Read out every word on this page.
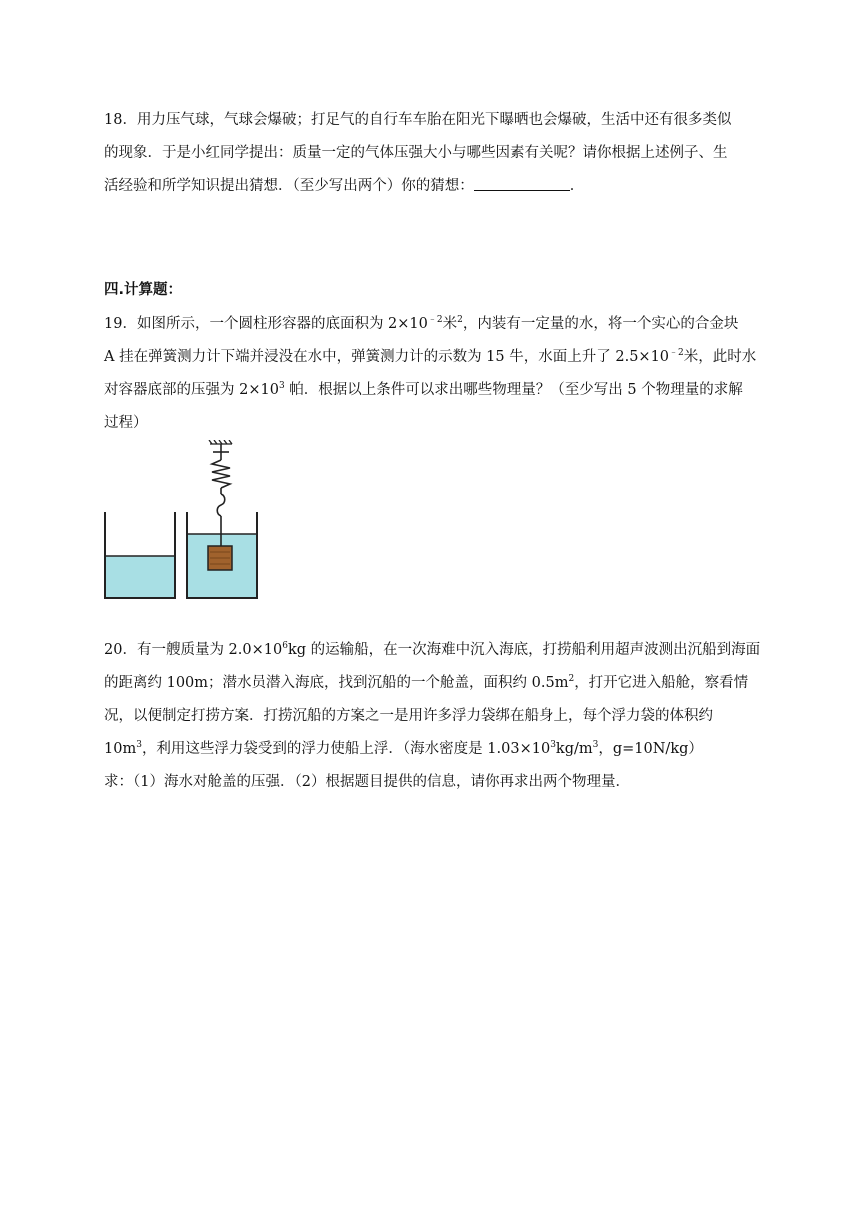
18．用力压气球，气球会爆破；打足气的自行车车胎在阳光下曝晒也会爆破，生活中还有很多类似
的现象．于是小红同学提出：质量一定的气体压强大小与哪些因素有关呢？请你根据上述例子、生
活经验和所学知识提出猜想．（至少写出两个）你的猜想：	．
四.计算题：
19．如图所示，一个圆柱形容器的底面积为 $2\times 10^{﹣2}$米$^2$，内装有一定量的水，将一个实心的合金块
A 挂在弹簧测力计下端并浸没在水中，弹簧测力计的示数为 15 牛，水面上升了 $2.5\times 10^{﹣2}$米，此时水
对容器底部的压强为 $2\times 10^3$ 帕．根据以上条件可以求出哪些物理量？（至少写出 5 个物理量的求解
过程）
20．有一艘质量为 $2.0\times 10^6kg$ 的运输船，在一次海难中沉入海底，打捞船利用超声波测出沉船到海面
的距离约 100m；潜水员潜入海底，找到沉船的一个舱盖，面积约 $0.5m^2$，打开它进入船舱，察看情
况，以便制定打捞方案．打捞沉船的方案之一是用许多浮力袋绑在船身上，每个浮力袋的体积约
$10m^3$，利用这些浮力袋受到的浮力使船上浮．（海水密度是 $1.03\times 10^3kg/m^3$，g=10N/kg）
求：（1）海水对舱盖的压强．（2）根据题目提供的信息，请你再求出两个物理量．
